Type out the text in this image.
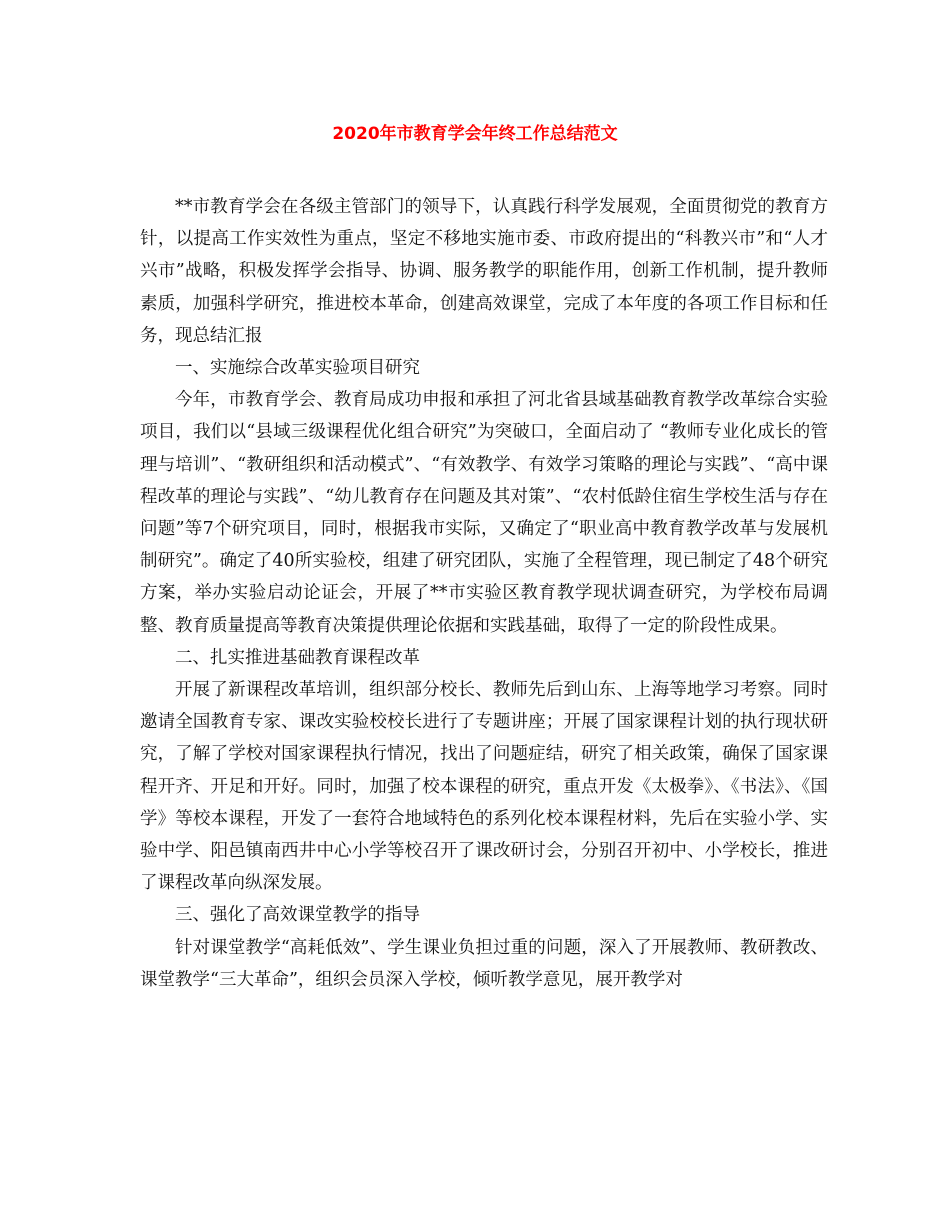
2020年市教育学会年终工作总结范文

**市教育学会在各级主管部门的领导下，认真践行科学发展观，全面贯彻党的教育方针，以提高工作实效性为重点，坚定不移地实施市委、市政府提出的“科教兴市”和“人才兴市”战略，积极发挥学会指导、协调、服务教学的职能作用，创新工作机制，提升教师素质，加强科学研究，推进校本革命，创建高效课堂，完成了本年度的各项工作目标和任务，现总结汇报

一、实施综合改革实验项目研究

今年，市教育学会、教育局成功申报和承担了河北省县域基础教育教学改革综合实验项目，我们以“县域三级课程优化组合研究”为突破口，全面启动了 “教师专业化成长的管理与培训”、“教研组织和活动模式”、“有效教学、有效学习策略的理论与实践”、“高中课程改革的理论与实践”、“幼儿教育存在问题及其对策”、“农村低龄住宿生学校生活与存在问题”等7个研究项目，同时，根据我市实际，又确定了“职业高中教育教学改革与发展机制研究”。确定了40所实验校，组建了研究团队，实施了全程管理，现已制定了48个研究方案，举办实验启动论证会，开展了**市实验区教育教学现状调查研究，为学校布局调整、教育质量提高等教育决策提供理论依据和实践基础，取得了一定的阶段性成果。

二、扎实推进基础教育课程改革

开展了新课程改革培训，组织部分校长、教师先后到山东、上海等地学习考察。同时邀请全国教育专家、课改实验校校长进行了专题讲座；开展了国家课程计划的执行现状研究，了解了学校对国家课程执行情况，找出了问题症结，研究了相关政策，确保了国家课程开齐、开足和开好。同时，加强了校本课程的研究，重点开发《太极拳》、《书法》、《国学》等校本课程，开发了一套符合地域特色的系列化校本课程材料，先后在实验小学、实验中学、阳邑镇南西井中心小学等校召开了课改研讨会，分别召开初中、小学校长，推进了课程改革向纵深发展。

三、强化了高效课堂教学的指导

针对课堂教学“高耗低效”、学生课业负担过重的问题，深入了开展教师、教研教改、课堂教学“三大革命”，组织会员深入学校，倾听教学意见，展开教学对
